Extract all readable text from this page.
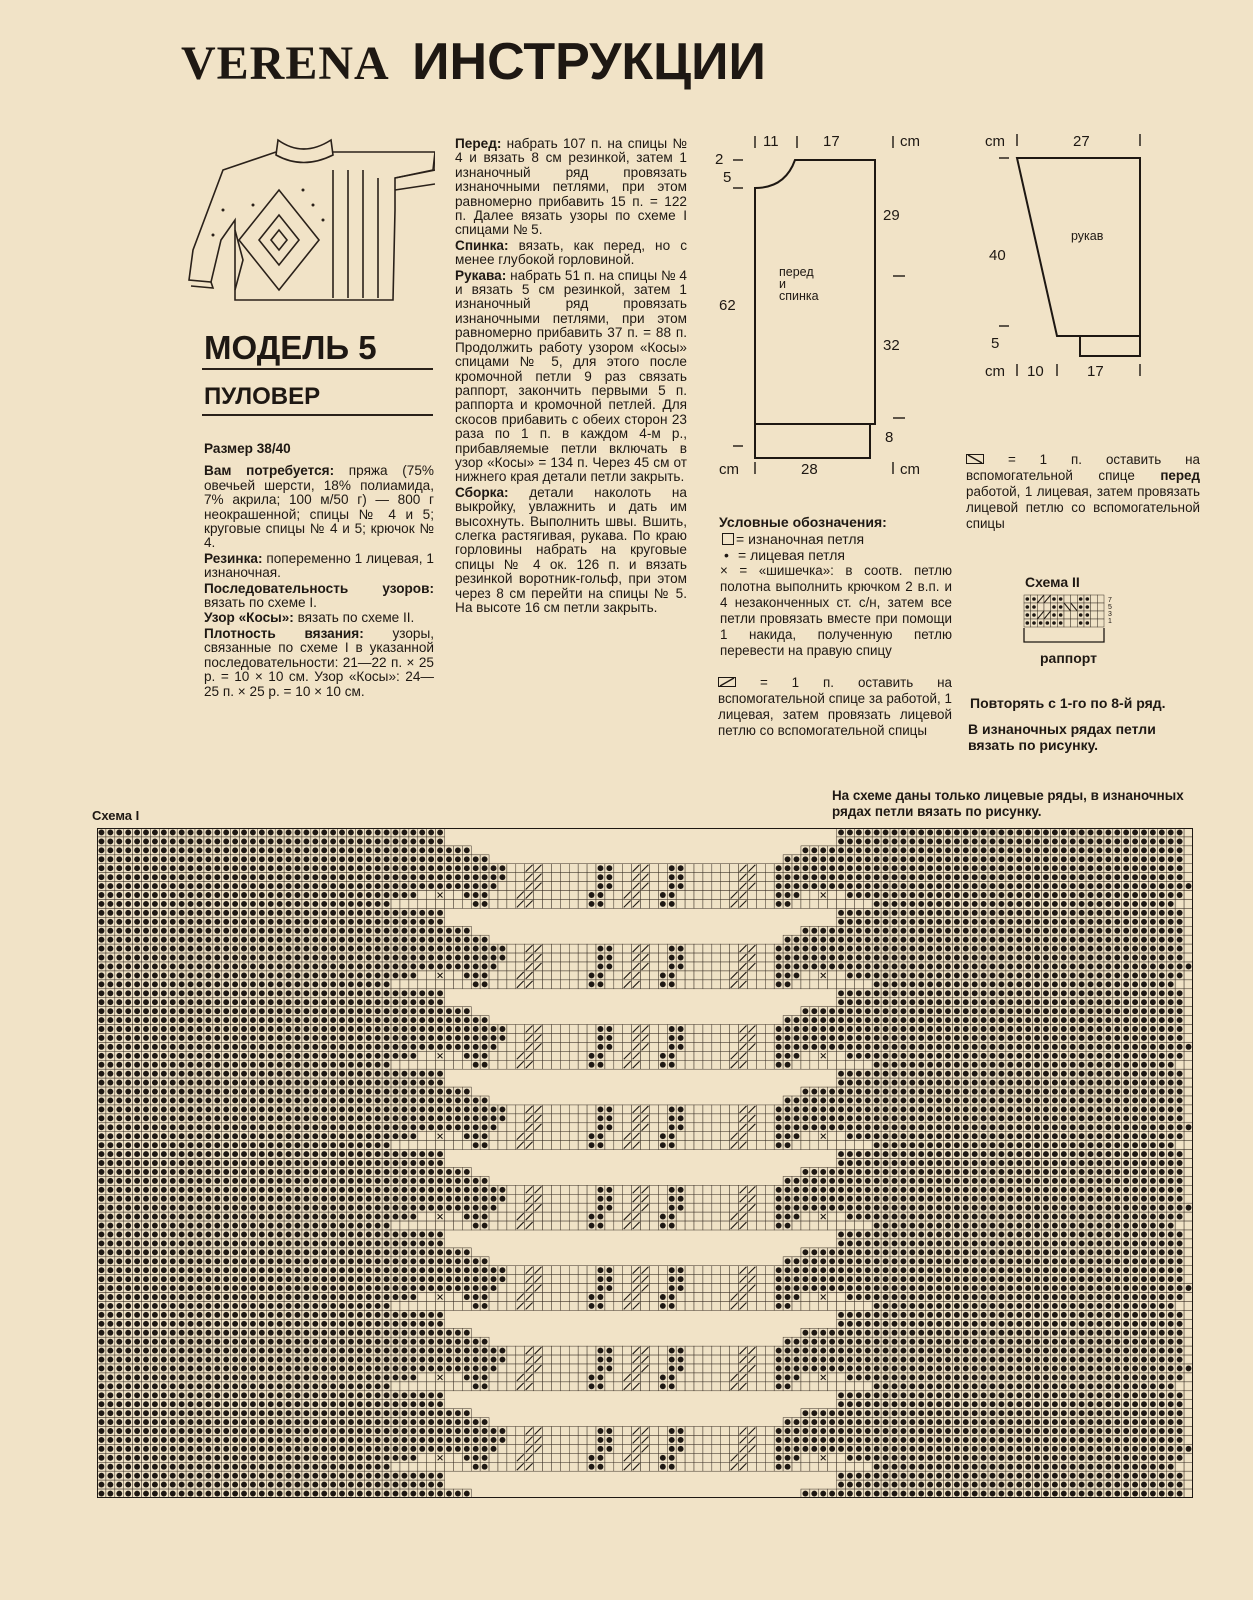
VERENA ИНСТРУКЦИИ
МОДЕЛЬ 5
ПУЛОВЕР

Размер 38/40

Вам потребуется: пряжа (75% овечьей шерсти, 18% полиамида, 7% акрила; 100 м/50 г) — 800 г неокрашенной; спицы № 4 и 5; круговые спицы № 4 и 5; крючок № 4.

Резинка: попеременно 1 лицевая, 1 изнаночная.

Последовательность узоров: вязать по схеме I.

Узор «Косы»: вязать по схеме II.

Плотность вязания: узоры, связанные по схеме I в указанной последовательности: 21—22 п. × 25 р. = 10 × 10 см. Узор «Косы»: 24—25 п. × 25 р. = 10 × 10 см.

Перед: набрать 107 п. на спицы № 4 и вязать 8 см резинкой, затем 1 изнаночный ряд провязать изнаночными петлями, при этом равномерно прибавить 15 п. = 122 п. Далее вязать узоры по схеме I спицами № 5.

Спинка: вязать, как перед, но с менее глубокой горловиной.

Рукава: набрать 51 п. на спицы № 4 и вязать 5 см резинкой, затем 1 изнаночный ряд провязать изнаночными петлями, при этом равномерно прибавить 37 п. = 88 п. Продолжить работу узором «Косы» спицами № 5, для этого после кромочной петли 9 раз связать раппорт, закончить первыми 5 п. раппорта и кромочной петлей. Для скосов прибавить с обеих сторон 23 раза по 1 п. в каждом 4-м р., прибавляемые петли включать в узор «Косы» = 134 п. Через 45 см от нижнего края детали петли закрыть.

Сборка: детали наколоть на выкройку, увлажнить и дать им высохнуть. Выполнить швы. Вшить, слегка растягивая, рукава. По краю горловины набрать на круговые спицы № 4 ок. 126 п. и вязать резинкой воротник-гольф, при этом через 8 см перейти на спицы № 5. На высоте 16 см петли закрыть.

11	17	cm
2
5
62
29
32
8
cm	28	cm
перед
и
спинка
cm	27
40
5
cm 10	17
рукав
Условные обозначения:
= изнаночная петля
• = лицевая петля
× = «шишечка»: в соотв. петлю полотна выполнить крючком 2 в.п. и 4 незаконченных ст. с/н, затем все петли провязать вместе при помощи 1 накида, полученную петлю перевести на правую спицу
= 1 п. оставить на вспомогательной спице за работой, 1 лицевая, затем провязать лицевой петлю со вспомогательной спицы
= 1 п. оставить на вспомогательной спице перед работой, 1 лицевая, затем провязать лицевой петлю со вспомогательной спицы
Схема II
7
5
3
1
раппорт
Повторять с 1-го по 8-й ряд.
В изнаночных рядах петли вязать по рисунку.
Схема I
На схеме даны только лицевые ряды, в изнаночных рядах петли вязать по рисунку.
